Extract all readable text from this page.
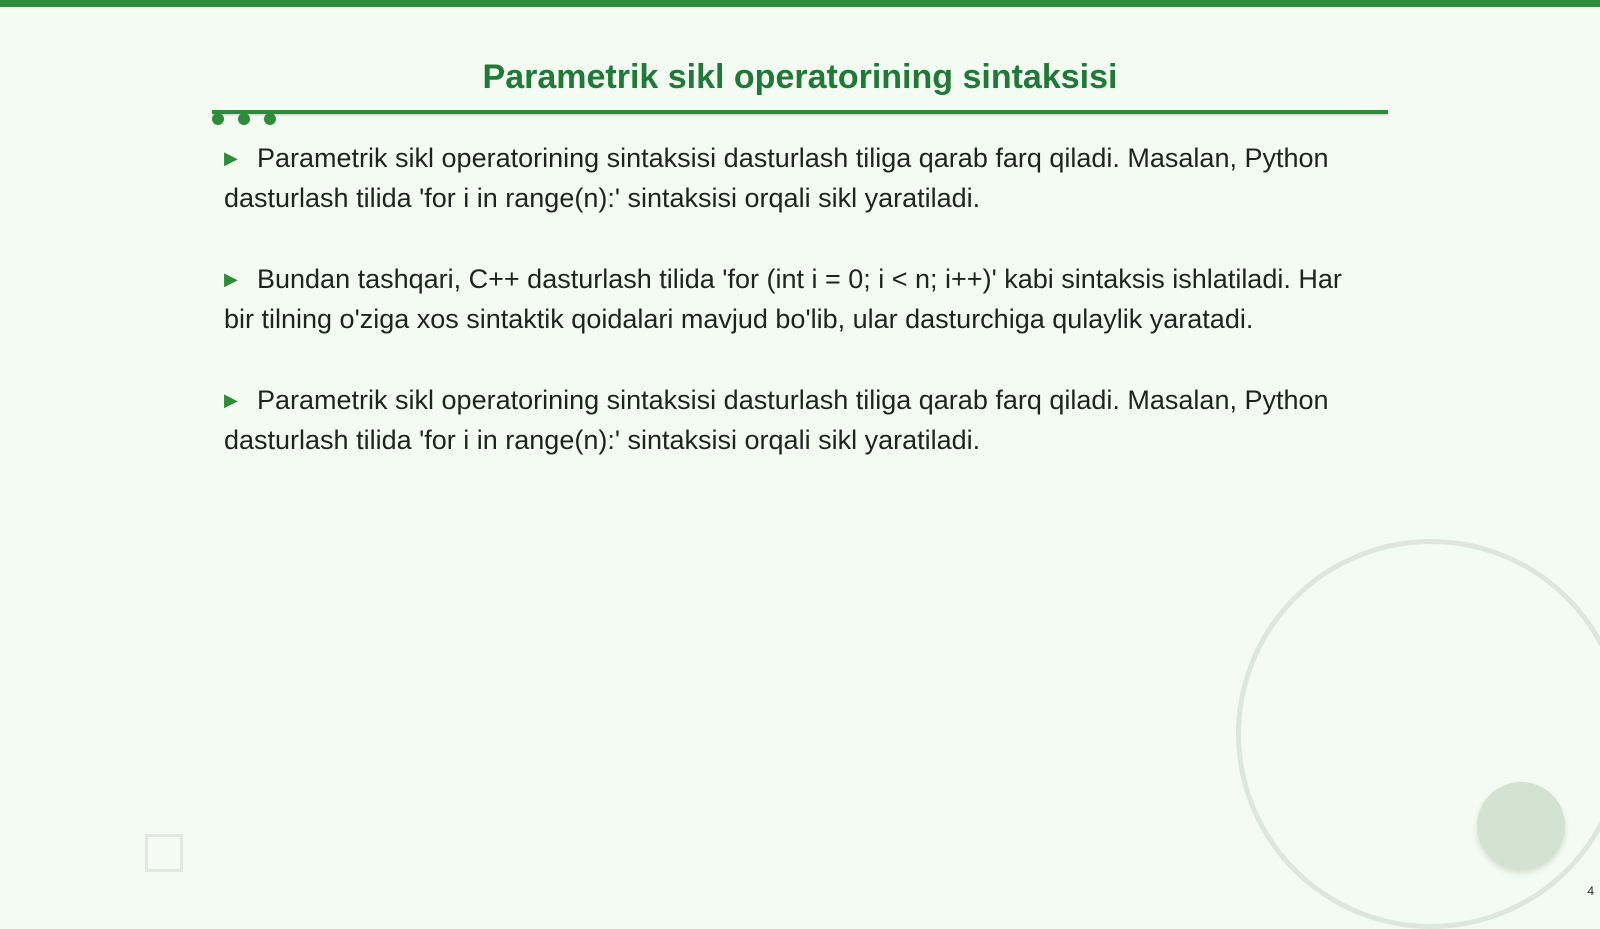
Parametrik sikl operatorining sintaksisi

▶ Parametrik sikl operatorining sintaksisi dasturlash tiliga qarab farq qiladi. Masalan, Python dasturlash tilida 'for i in range(n):' sintaksisi orqali sikl yaratiladi.

▶ Bundan tashqari, C++ dasturlash tilida 'for (int i = 0; i < n; i++)' kabi sintaksis ishlatiladi. Har bir tilning o'ziga xos sintaktik qoidalari mavjud bo'lib, ular dasturchiga qulaylik yaratadi.

▶ Parametrik sikl operatorining sintaksisi dasturlash tiliga qarab farq qiladi. Masalan, Python dasturlash tilida 'for i in range(n):' sintaksisi orqali sikl yaratiladi.

4
